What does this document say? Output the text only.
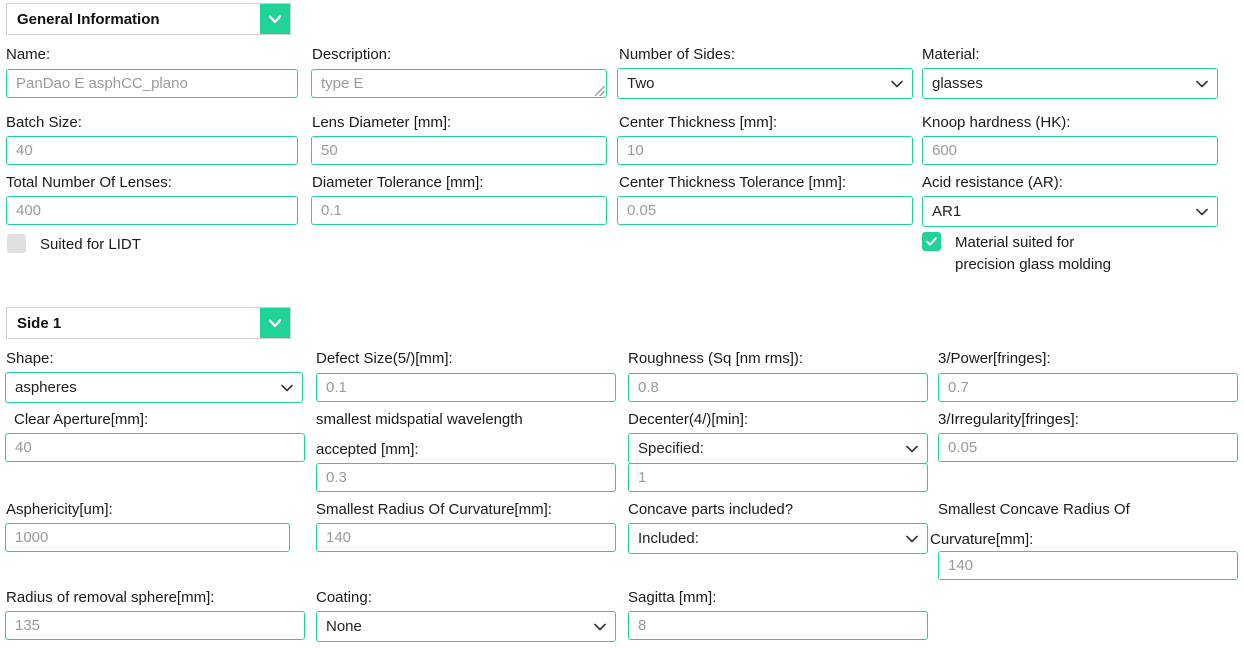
General Information
Name:
PanDao E asphCC_plano
Description:
type E
Number of Sides:
Two
Material:
glasses
Batch Size:
40
Lens Diameter [mm]:
50
Center Thickness [mm]:
10
Knoop hardness (HK):
600
Total Number Of Lenses:
400
Diameter Tolerance [mm]:
0.1
Center Thickness Tolerance [mm]:
0.05
Acid resistance (AR):
AR1
Suited for LIDT	Material suited for
precision glass molding
Side 1
Shape:
aspheres
Defect Size(5/)[mm]:
0.1
Roughness (Sq [nm rms]):
0.8
3/Power[fringes]:
0.7
Clear Aperture[mm]:
40
smallest midspatial wavelength
accepted [mm]:
0.3
Decenter(4/)[min]:
Specified:
1
3/Irregularity[fringes]:
0.05
Asphericity[um]:
1000
Smallest Radius Of Curvature[mm]:
140
Concave parts included?
Included:
Smallest Concave Radius Of
Curvature[mm]:
140
Radius of removal sphere[mm]:
135
Coating:
None
Sagitta [mm]:
8
